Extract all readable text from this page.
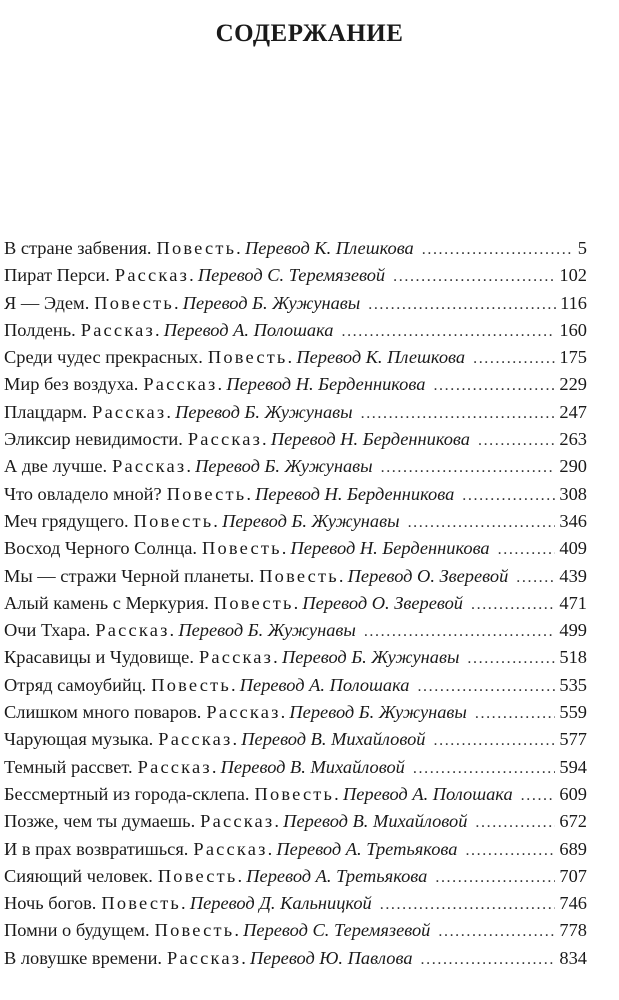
СОДЕРЖАНИЕ
В стране забвения. Повесть. Перевод К. Плешкова . . .	5
Пират Перси. Рассказ. Перевод С. Теремязевой . . .	102
Я — Эдем. Повесть. Перевод Б. Жужунавы . . .	116
Полдень. Рассказ. Перевод А. Полошака . . .	160
Среди чудес прекрасных. Повесть. Перевод К. Плешкова . . .	175
Мир без воздуха. Рассказ. Перевод Н. Берденникова . . .	229
Плацдарм. Рассказ. Перевод Б. Жужунавы . . .	247
Эликсир невидимости. Рассказ. Перевод Н. Берденникова . . .	263
А две лучше. Рассказ. Перевод Б. Жужунавы . . .	290
Что овладело мной? Повесть. Перевод Н. Берденникова . . .	308
Меч грядущего. Повесть. Перевод Б. Жужунавы . . .	346
Восход Черного Солнца. Повесть. Перевод Н. Берденникова . . .	409
Мы — стражи Черной планеты. Повесть. Перевод О. Зверевой . . .	439
Алый камень с Меркурия. Повесть. Перевод О. Зверевой . . .	471
Очи Тхара. Рассказ. Перевод Б. Жужунавы . . .	499
Красавицы и Чудовище. Рассказ. Перевод Б. Жужунавы . . .	518
Отряд самоубийц. Повесть. Перевод А. Полошака . . .	535
Слишком много поваров. Рассказ. Перевод Б. Жужунавы . . .	559
Чарующая музыка. Рассказ. Перевод В. Михайловой . . .	577
Темный рассвет. Рассказ. Перевод В. Михайловой . . .	594
Бессмертный из города-склепа. Повесть. Перевод А. Полошака . . .	609
Позже, чем ты думаешь. Рассказ. Перевод В. Михайловой . . .	672
И в прах возвратишься. Рассказ. Перевод А. Третьякова . . .	689
Сияющий человек. Повесть. Перевод А. Третьякова . . .	707
Ночь богов. Повесть. Перевод Д. Кальницкой . . .	746
Помни о будущем. Повесть. Перевод С. Теремязевой . . .	778
В ловушке времени. Рассказ. Перевод Ю. Павлова . . .	834
